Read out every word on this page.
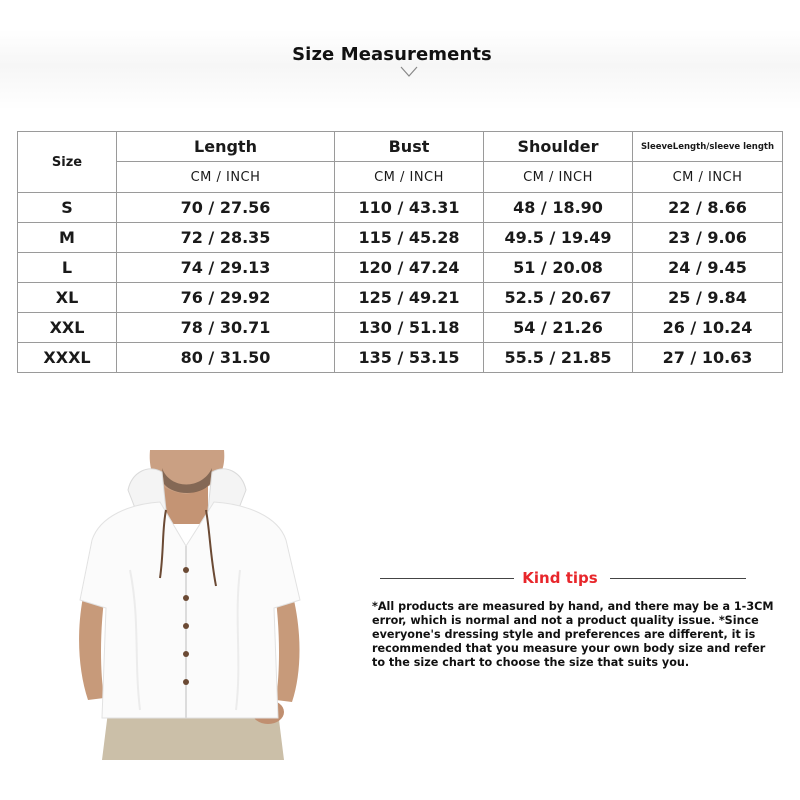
Size Measurements
Size	Length	Bust	Shoulder	SleeveLength/sleeve length
	CM / INCH	CM / INCH	CM / INCH	CM / INCH
S	70 / 27.56	110 / 43.31	48 / 18.90	22 / 8.66
M	72 / 28.35	115 / 45.28	49.5 / 19.49	23 / 9.06
L	74 / 29.13	120 / 47.24	51 / 20.08	24 / 9.45
XL	76 / 29.92	125 / 49.21	52.5 / 20.67	25 / 9.84
XXL	78 / 30.71	130 / 51.18	54 / 21.26	26 / 10.24
XXXL	80 / 31.50	135 / 53.15	55.5 / 21.85	27 / 10.63
Kind tips
*All products are measured by hand, and there may be a 1-3CM error, which is normal and not a product quality issue. *Since everyone's dressing style and preferences are different, it is recommended that you measure your own body size and refer to the size chart to choose the size that suits you.
